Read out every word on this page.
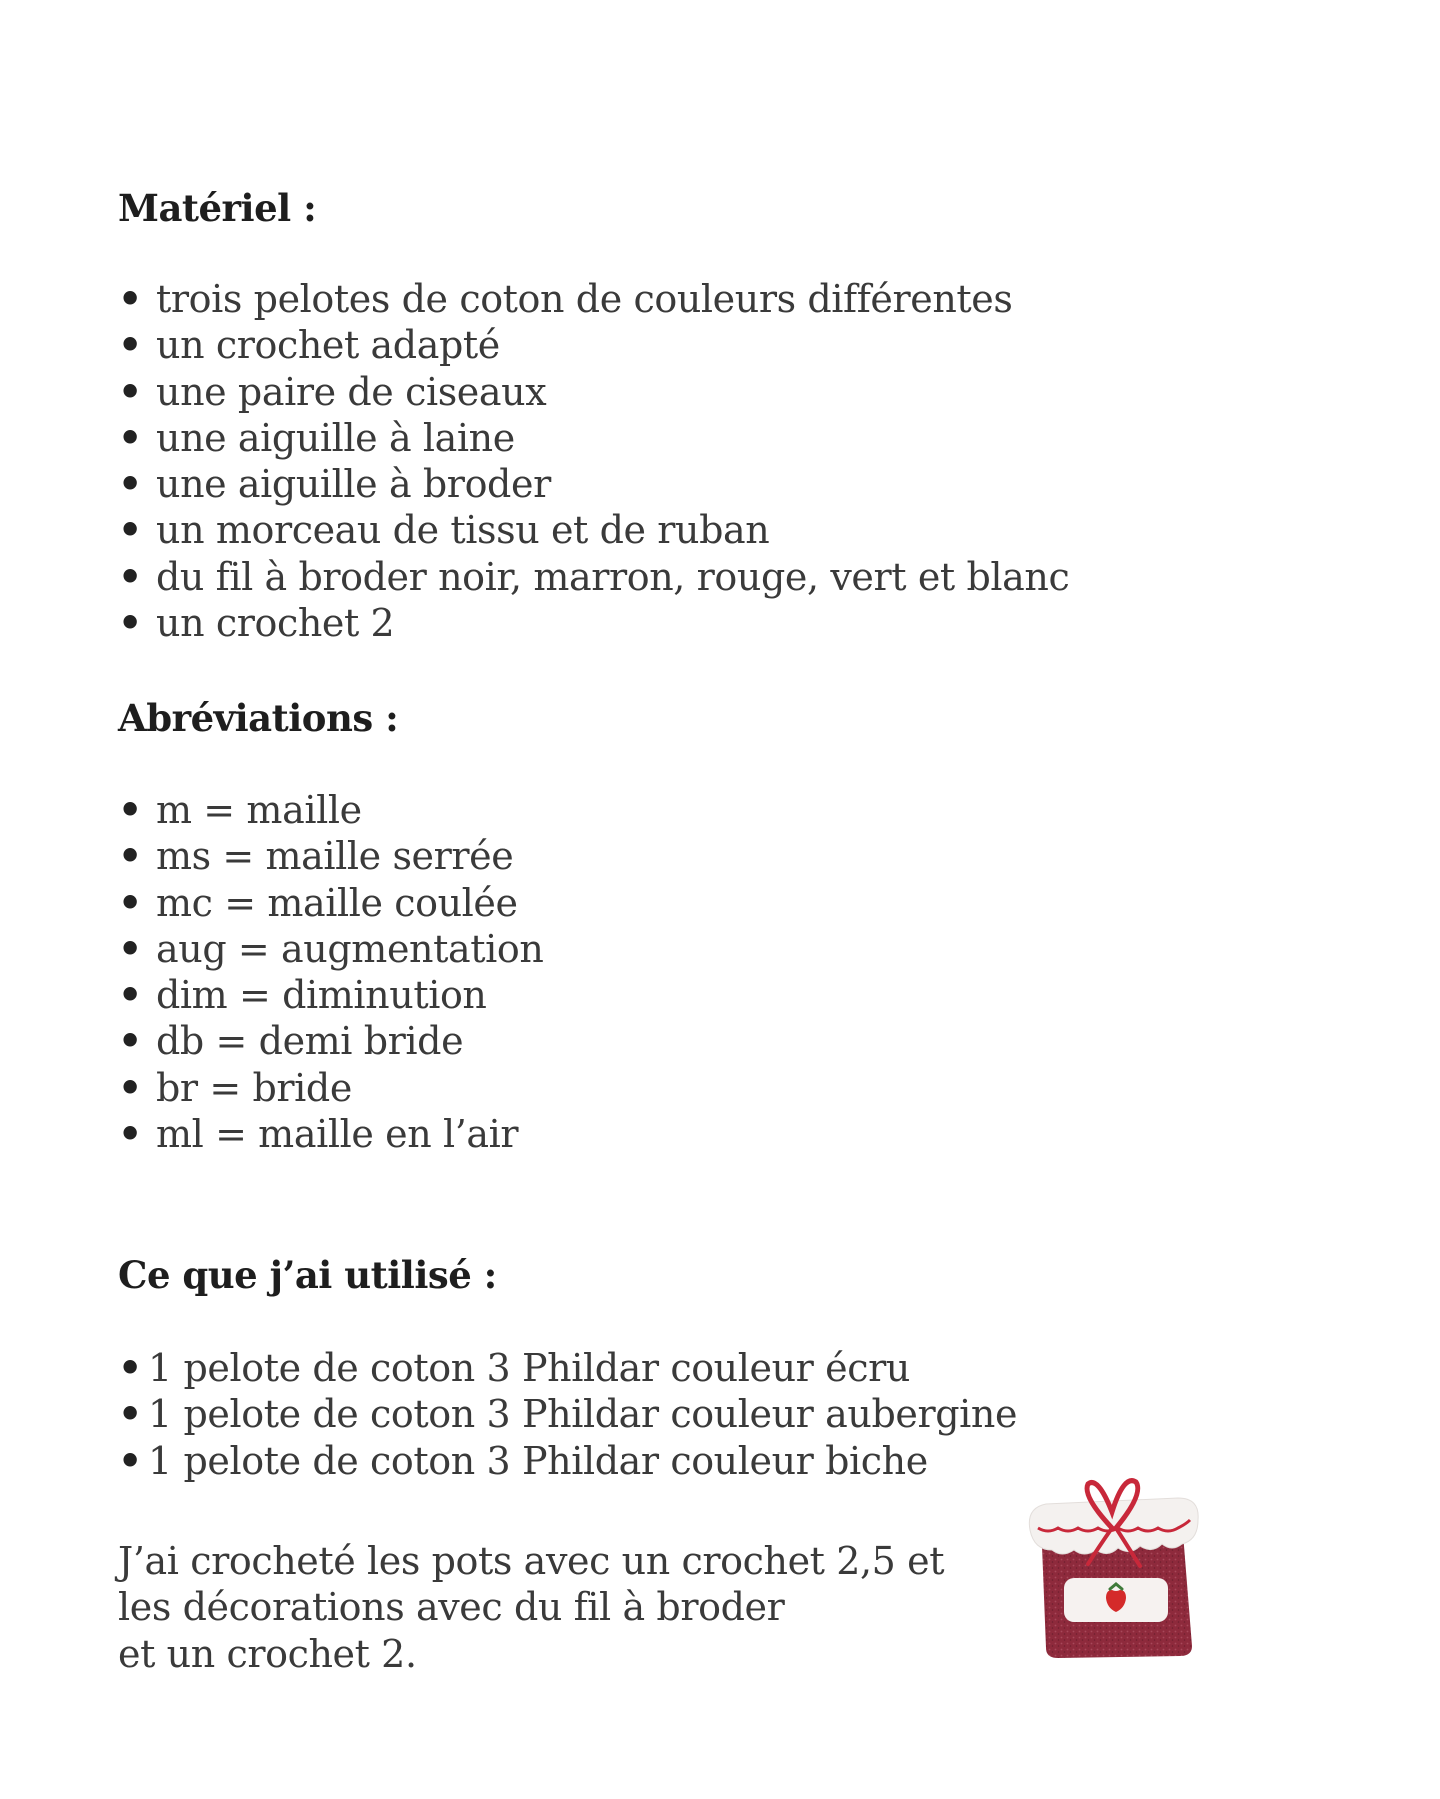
Matériel :
• trois pelotes de coton de couleurs différentes
• un crochet adapté
• une paire de ciseaux
• une aiguille à laine
• une aiguille à broder
• un morceau de tissu et de ruban
• du fil à broder noir, marron, rouge, vert et blanc
• un crochet 2
Abréviations :
• m = maille
• ms = maille serrée
• mc = maille coulée
• aug = augmentation
• dim = diminution
• db = demi bride
• br = bride
• ml = maille en l’air
Ce que j’ai utilisé :
• 1 pelote de coton 3 Phildar couleur écru
• 1 pelote de coton 3 Phildar couleur aubergine
• 1 pelote de coton 3 Phildar couleur biche

J’ai crocheté les pots avec un crochet 2,5 et
les décorations avec du fil à broder
et un crochet 2.
